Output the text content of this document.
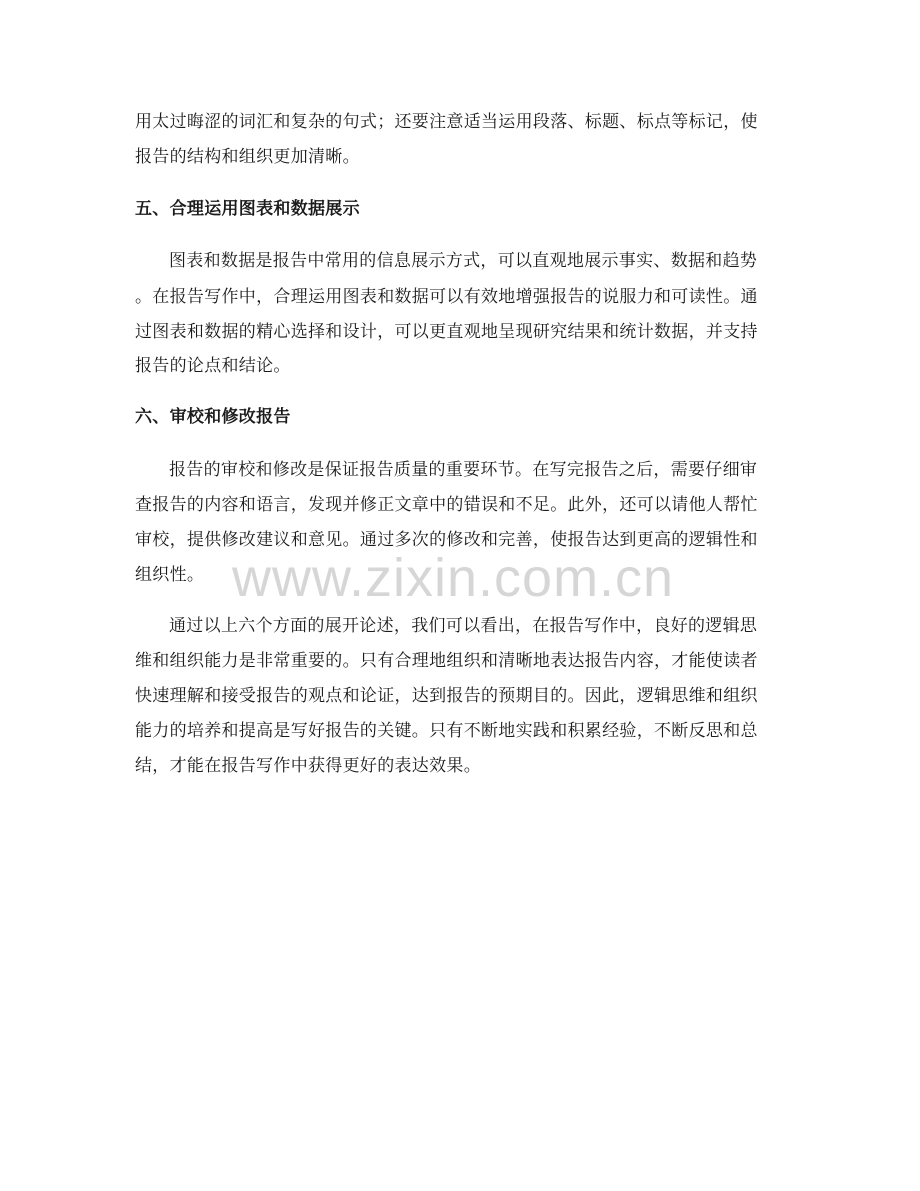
用太过晦涩的词汇和复杂的句式；还要注意适当运用段落、标题、标点等标记，使
报告的结构和组织更加清晰。
五、合理运用图表和数据展示
图表和数据是报告中常用的信息展示方式，可以直观地展示事实、数据和趋势
。在报告写作中，合理运用图表和数据可以有效地增强报告的说服力和可读性。通
过图表和数据的精心选择和设计，可以更直观地呈现研究结果和统计数据，并支持
报告的论点和结论。
六、审校和修改报告
报告的审校和修改是保证报告质量的重要环节。在写完报告之后，需要仔细审
查报告的内容和语言，发现并修正文章中的错误和不足。此外，还可以请他人帮忙
审校，提供修改建议和意见。通过多次的修改和完善，使报告达到更高的逻辑性和
组织性。 www.zixin.com.cn
通过以上六个方面的展开论述，我们可以看出，在报告写作中，良好的逻辑思
维和组织能力是非常重要的。只有合理地组织和清晰地表达报告内容，才能使读者
快速理解和接受报告的观点和论证，达到报告的预期目的。因此，逻辑思维和组织
能力的培养和提高是写好报告的关键。只有不断地实践和积累经验，不断反思和总
结，才能在报告写作中获得更好的表达效果。
